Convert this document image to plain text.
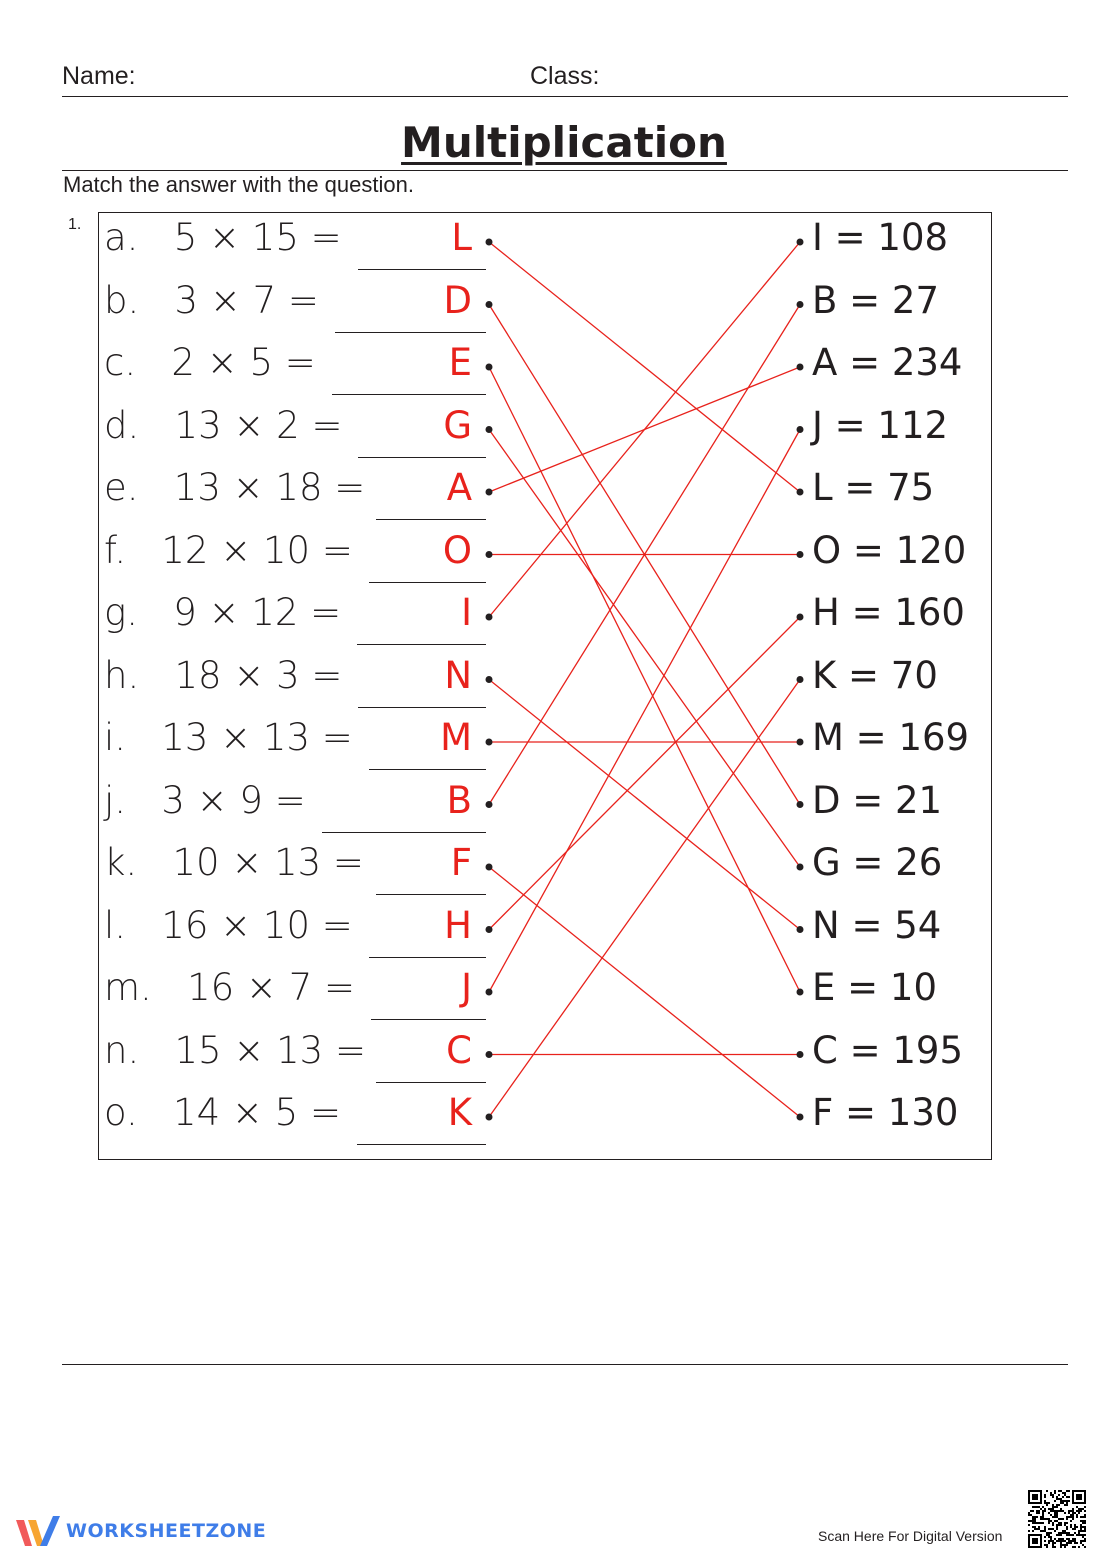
Name:	Class:
Multiplication
Match the answer with the question.
1. a.   5 × 15 =	L
b.   3 × 7 =	D
c.   2 × 5 =	E
d.   13 × 2 =	G
e.   13 × 18 = A
f.   12 × 10 = O
g.   9 × 12 =	I
h.   18 × 3 =	N
i.   13 × 13 = M
j.   3 × 9 =	B
k.   10 × 13 = F
l.   16 × 10 = H
m.   16 × 7 =	J
n.   15 × 13 = C
o.   14 × 5 =	K
I = 108
B = 27
A = 234
J = 112
L = 75
O = 120
H = 160
K = 70
M = 169
D = 21
G = 26
N = 54
E = 10
C = 195
F = 130
WORKSHEETZONE	Scan Here For Digital Version
